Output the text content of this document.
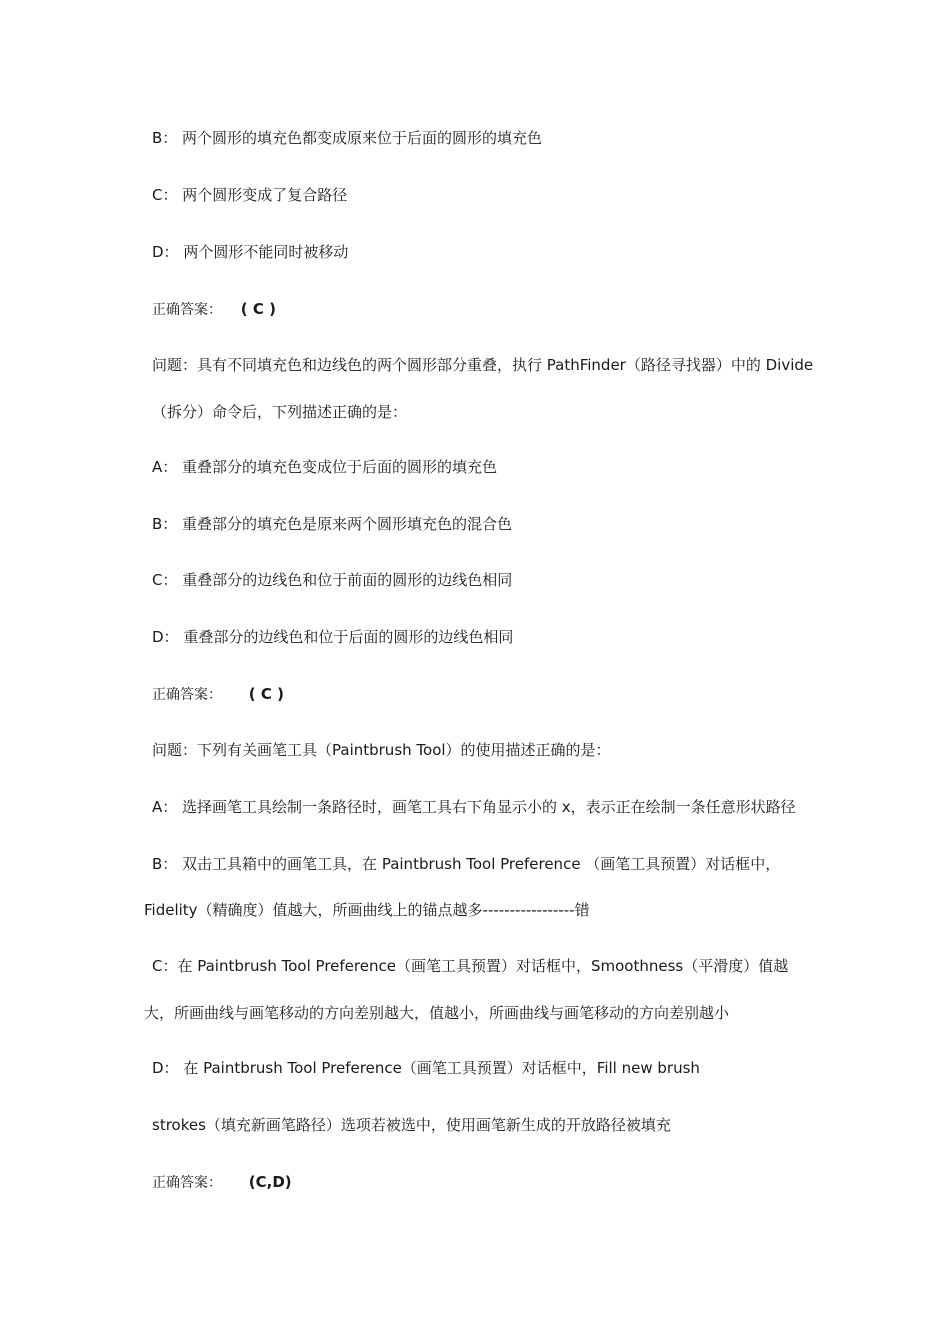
B： 两个圆形的填充色都变成原来位于后面的圆形的填充色
C： 两个圆形变成了复合路径
D： 两个圆形不能同时被移动
正确答案： ( C )
问题：具有不同填充色和边线色的两个圆形部分重叠，执行 PathFinder（路径寻找器）中的 Divide
（拆分）命令后，下列描述正确的是：
A： 重叠部分的填充色变成位于后面的圆形的填充色
B： 重叠部分的填充色是原来两个圆形填充色的混合色
C： 重叠部分的边线色和位于前面的圆形的边线色相同
D： 重叠部分的边线色和位于后面的圆形的边线色相同
正确答案： ( C )
问题：下列有关画笔工具（Paintbrush Tool）的使用描述正确的是：
A： 选择画笔工具绘制一条路径时，画笔工具右下角显示小的 x，表示正在绘制一条任意形状路径
B： 双击工具箱中的画笔工具，在 Paintbrush Tool Preference （画笔工具预置）对话框中，
Fidelity（精确度）值越大，所画曲线上的锚点越多-----------------错
C：在 Paintbrush Tool Preference（画笔工具预置）对话框中，Smoothness（平滑度）值越
大，所画曲线与画笔移动的方向差别越大，值越小，所画曲线与画笔移动的方向差别越小
D： 在 Paintbrush Tool Preference（画笔工具预置）对话框中，Fill new brush
strokes（填充新画笔路径）选项若被选中，使用画笔新生成的开放路径被填充
正确答案： (C,D)
